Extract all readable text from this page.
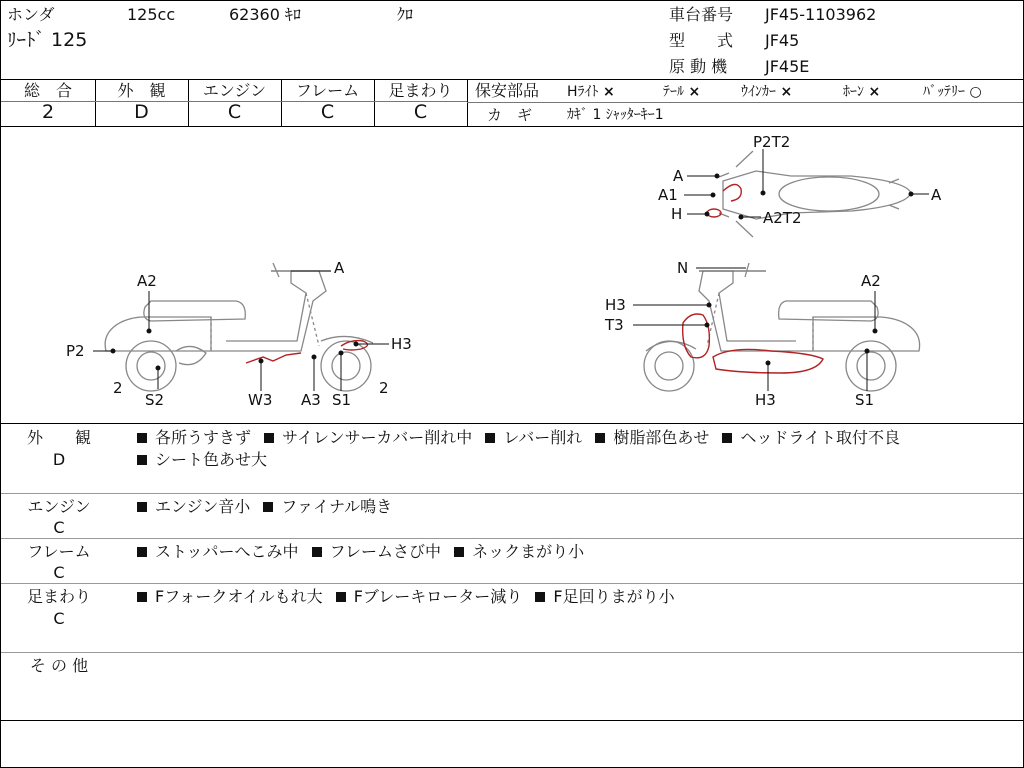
ホンダ	125cc	62360 ｷﾛ	ｸﾛ
ﾘｰﾄﾞ 125
車台番号 JF45-1103962
型　　式 JF45
原 動 機 JF45E
総　合	外　観	エンジン	フレーム	足まわり
2	D	C	C	C
保安部品 Hﾗｲﾄ ×	ﾃｰﾙ ×	ｳｲﾝｶｰ ×	ﾎｰﾝ ×	ﾊﾞｯﾃﾘｰ ○
カ　ギ ｶｷﾞ 1 ｼｬｯﾀｰｷｰ1
A
A2
P2	H3
2
S2	W3 A3 S1
2
P2T2
A
A1
H	A2T2
A
N
A2
H3
T3
H3	S1
外　　観
D
各所うすきず サイレンサーカバー削れ中 レバー削れ 樹脂部色あせ ヘッドライト取付不良
シート色あせ大
エンジン
C
エンジン音小 ファイナル鳴き
フレーム
C
ストッパーへこみ中 フレームさび中 ネックまがり小
足まわり
C
Fフォークオイルもれ大 Fブレーキローター減り F足回りまがり小
そ の 他
